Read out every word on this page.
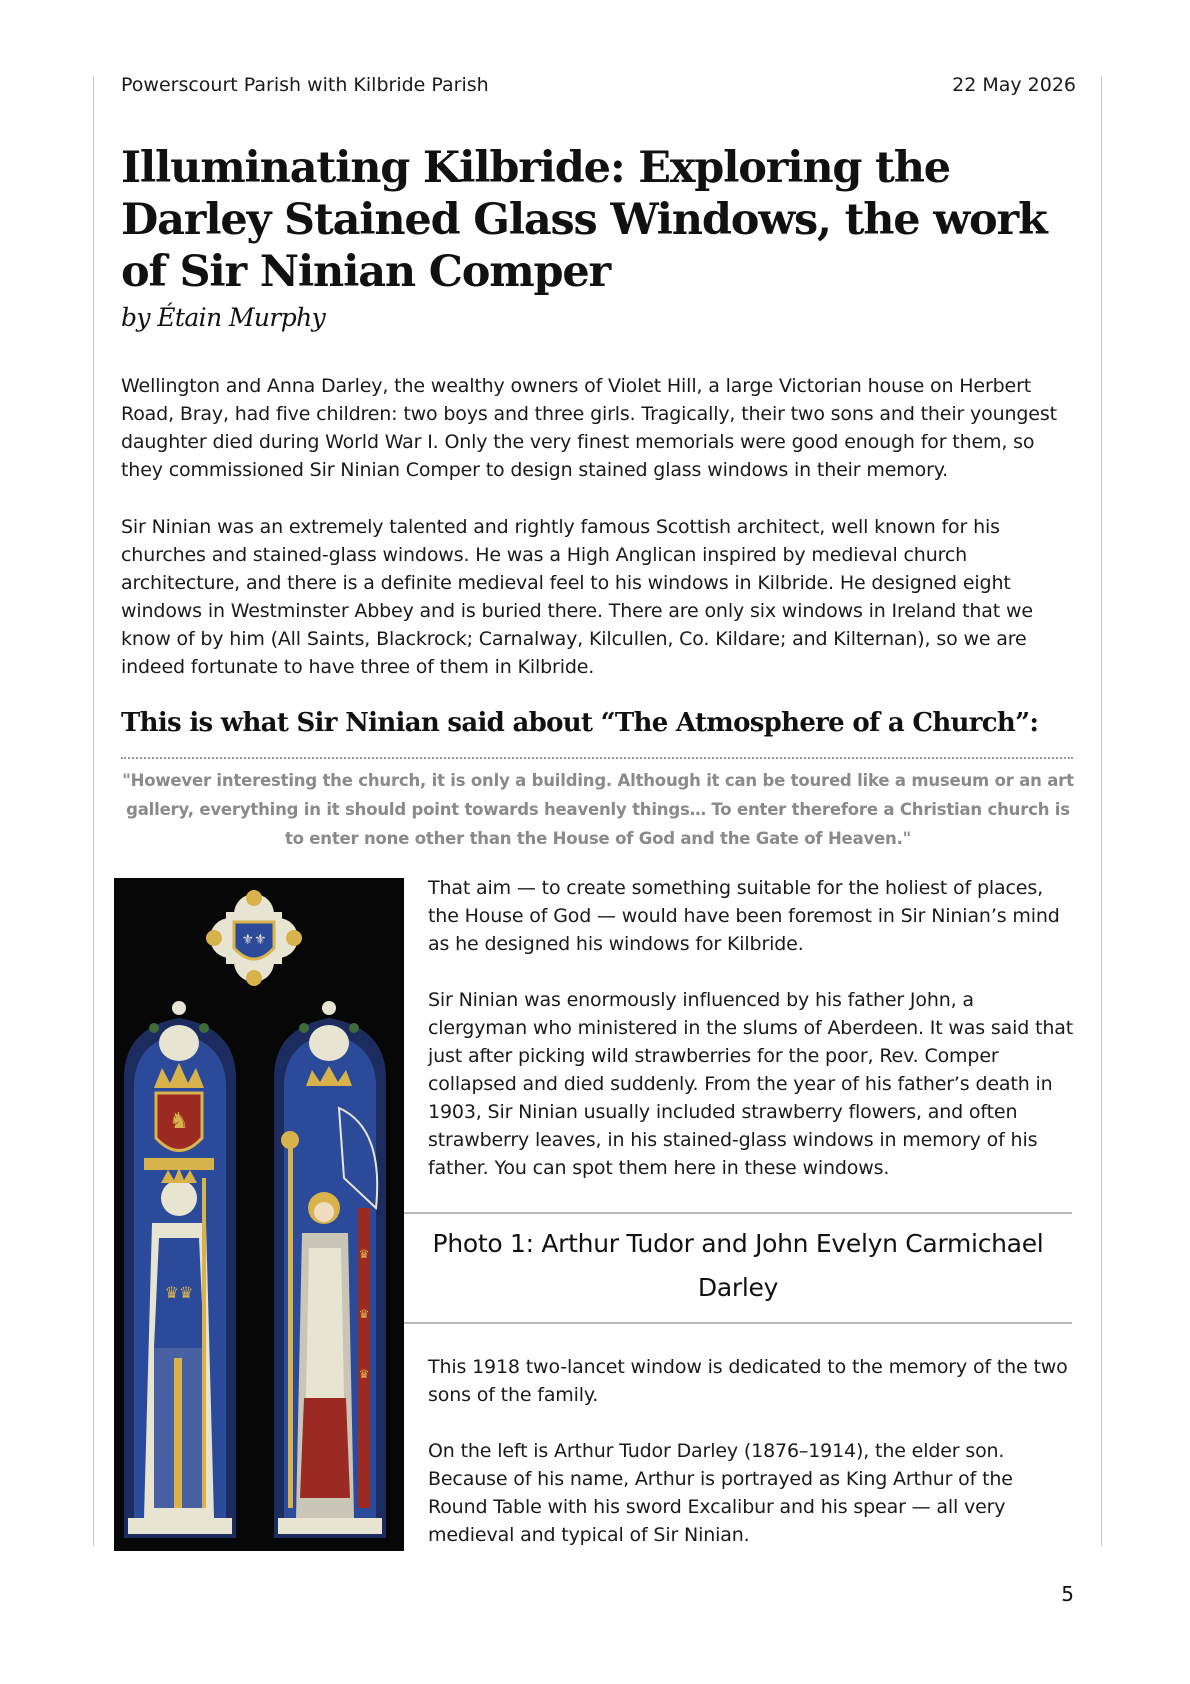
Powerscourt Parish with Kilbride Parish	22 May 2026
Illuminating Kilbride: Exploring the Darley Stained Glass Windows, the work of Sir Ninian Comper
by Étain Murphy

Wellington and Anna Darley, the wealthy owners of Violet Hill, a large Victorian house on Herbert Road, Bray, had five children: two boys and three girls. Tragically, their two sons and their youngest daughter died during World War I. Only the very finest memorials were good enough for them, so they commissioned Sir Ninian Comper to design stained glass windows in their memory.

Sir Ninian was an extremely talented and rightly famous Scottish architect, well known for his churches and stained-glass windows. He was a High Anglican inspired by medieval church architecture, and there is a definite medieval feel to his windows in Kilbride. He designed eight windows in Westminster Abbey and is buried there. There are only six windows in Ireland that we know of by him (All Saints, Blackrock; Carnalway, Kilcullen, Co. Kildare; and Kilternan), so we are indeed fortunate to have three of them in Kilbride.

This is what Sir Ninian said about “The Atmosphere of a Church”:

"However interesting the church, it is only a building. Although it can be toured like a museum or an art gallery, everything in it should point towards heavenly things… To enter therefore a Christian church is to enter none other than the House of God and the Gate of Heaven."

⚜⚜
♞
♛♛
♛
♛
♛

That aim — to create something suitable for the holiest of places, the House of God — would have been foremost in Sir Ninian’s mind as he designed his windows for Kilbride.

Sir Ninian was enormously influenced by his father John, a clergyman who ministered in the slums of Aberdeen. It was said that just after picking wild strawberries for the poor, Rev. Comper collapsed and died suddenly. From the year of his father’s death in 1903, Sir Ninian usually included strawberry flowers, and often strawberry leaves, in his stained-glass windows in memory of his father. You can spot them here in these windows.

Photo 1: Arthur Tudor and John Evelyn Carmichael Darley

This 1918 two-lancet window is dedicated to the memory of the two sons of the family.

On the left is Arthur Tudor Darley (1876–1914), the elder son. Because of his name, Arthur is portrayed as King Arthur of the Round Table with his sword Excalibur and his spear — all very medieval and typical of Sir Ninian.

5
